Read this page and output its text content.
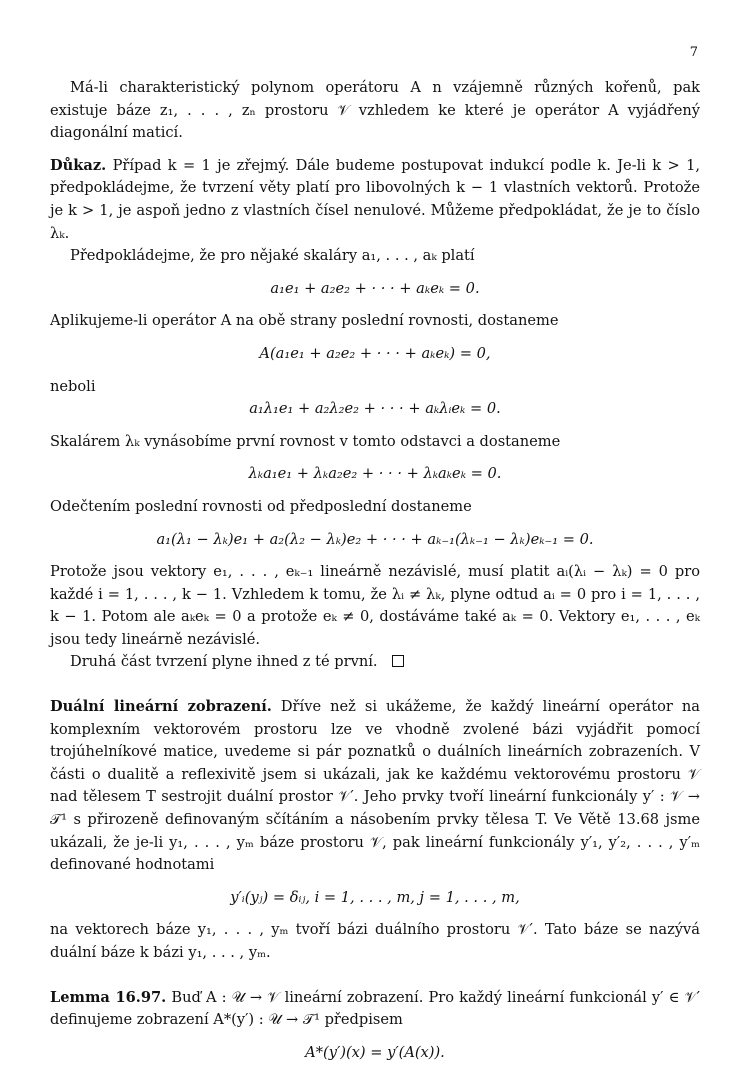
7

Má-li charakteristický polynom operátoru A n vzájemně různých kořenů, pak existuje báze z₁, . . . , zₙ prostoru 𝒱 vzhledem ke které je operátor A vyjádřený diagonální maticí.

Důkaz. Případ k = 1 je zřejmý. Dále budeme postupovat indukcí podle k. Je-li k > 1, předpokládejme, že tvrzení věty platí pro libovolných k − 1 vlastních vektorů. Protože je k > 1, je aspoň jedno z vlastních čísel nenulové. Můžeme předpokládat, že je to číslo λₖ.

Předpokládejme, že pro nějaké skaláry a₁, . . . , aₖ platí

a₁e₁ + a₂e₂ + · · · + aₖeₖ = 0.

Aplikujeme-li operátor A na obě strany poslední rovnosti, dostaneme

A(a₁e₁ + a₂e₂ + · · · + aₖeₖ) = 0,

neboli

a₁λ₁e₁ + a₂λ₂e₂ + · · · + aₖλᵢeₖ = 0.

Skalárem λₖ vynásobíme první rovnost v tomto odstavci a dostaneme

λₖa₁e₁ + λₖa₂e₂ + · · · + λₖaₖeₖ = 0.

Odečtením poslední rovnosti od předposlední dostaneme

a₁(λ₁ − λₖ)e₁ + a₂(λ₂ − λₖ)e₂ + · · · + aₖ₋₁(λₖ₋₁ − λₖ)eₖ₋₁ = 0.

Protože jsou vektory e₁, . . . , eₖ₋₁ lineárně nezávislé, musí platit aᵢ(λᵢ − λₖ) = 0 pro každé i = 1, . . . , k − 1. Vzhledem k tomu, že λᵢ ≠ λₖ, plyne odtud aᵢ = 0 pro i = 1, . . . , k − 1. Potom ale aₖeₖ = 0 a protože eₖ ≠ 0, dostáváme také aₖ = 0. Vektory e₁, . . . , eₖ jsou tedy lineárně nezávislé.

Druhá část tvrzení plyne ihned z té první.

Duální lineární zobrazení. Dříve než si ukážeme, že každý lineární operátor na komplexním vektorovém prostoru lze ve vhodně zvolené bázi vyjádřit pomocí trojúhelníkové matice, uvedeme si pár poznatků o duálních lineárních zobrazeních. V části o dualitě a reflexivitě jsem si ukázali, jak ke každému vektorovému prostoru 𝒱 nad tělesem T sestrojit duální prostor 𝒱′. Jeho prvky tvoří lineární funkcionály y′ : 𝒱 → 𝒯¹ s přirozeně definovaným sčítáním a násobením prvky tělesa T. Ve Větě 13.68 jsme ukázali, že je-li y₁, . . . , yₘ báze prostoru 𝒱, pak lineární funkcionály y′₁, y′₂, . . . , y′ₘ definované hodnotami

y′ᵢ(yⱼ) = δᵢⱼ, i = 1, . . . , m, j = 1, . . . , m,

na vektorech báze y₁, . . . , yₘ tvoří bázi duálního prostoru 𝒱′. Tato báze se nazývá duální báze k bázi y₁, . . . , yₘ.

Lemma 16.97. Buď A : 𝒰 → 𝒱 lineární zobrazení. Pro každý lineární funkcionál y′ ∈ 𝒱′ definujeme zobrazení A*(y′) : 𝒰 → 𝒯¹ předpisem

A*(y′)(x) = y′(A(x)).
